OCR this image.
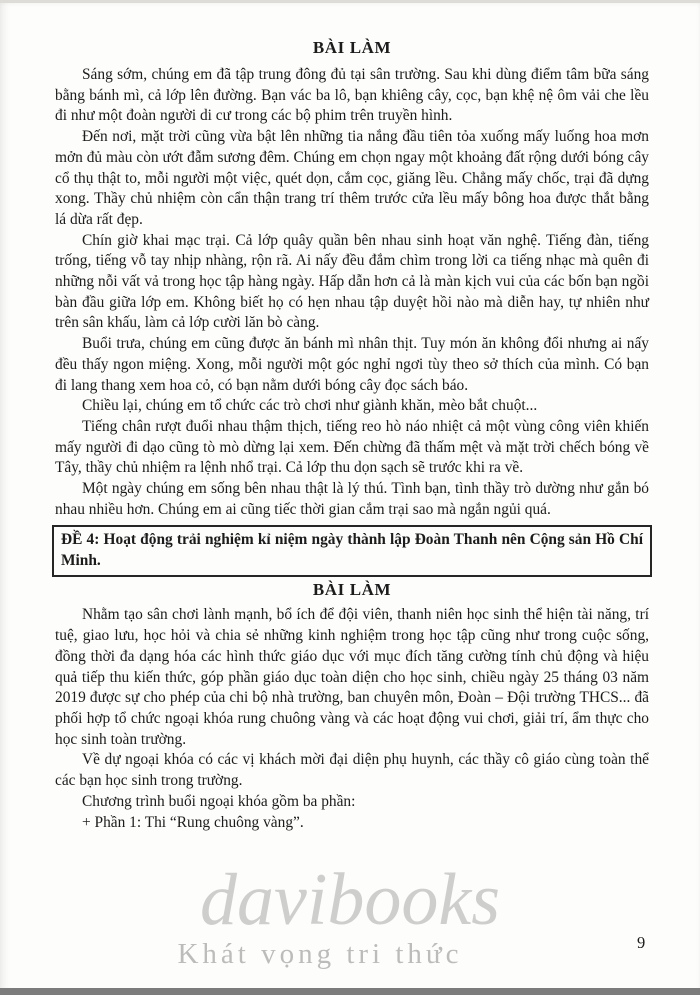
BÀI LÀM

Sáng sớm, chúng em đã tập trung đông đủ tại sân trường. Sau khi dùng điểm tâm bữa sáng bằng bánh mì, cả lớp lên đường. Bạn vác ba lô, bạn khiêng cây, cọc, bạn khệ nệ ôm vải che lều đi như một đoàn người di cư trong các bộ phim trên truyền hình.

Đến nơi, mặt trời cũng vừa bật lên những tia nắng đầu tiên tỏa xuống mấy luống hoa mơn mởn đủ màu còn ướt đẫm sương đêm. Chúng em chọn ngay một khoảng đất rộng dưới bóng cây cổ thụ thật to, mỗi người một việc, quét dọn, cắm cọc, giăng lều. Chẳng mấy chốc, trại đã dựng xong. Thầy chủ nhiệm còn cẩn thận trang trí thêm trước cửa lều mấy bông hoa được thắt bằng lá dừa rất đẹp.

Chín giờ khai mạc trại. Cả lớp quây quần bên nhau sinh hoạt văn nghệ. Tiếng đàn, tiếng trống, tiếng vỗ tay nhịp nhàng, rộn rã. Ai nấy đều đắm chìm trong lời ca tiếng nhạc mà quên đi những nỗi vất vả trong học tập hàng ngày. Hấp dẫn hơn cả là màn kịch vui của các bốn bạn ngồi bàn đầu giữa lớp em. Không biết họ có hẹn nhau tập duyệt hồi nào mà diễn hay, tự nhiên như trên sân khấu, làm cả lớp cười lăn bò càng.

Buổi trưa, chúng em cũng được ăn bánh mì nhân thịt. Tuy món ăn không đổi nhưng ai nấy đều thấy ngon miệng. Xong, mỗi người một góc nghỉ ngơi tùy theo sở thích của mình. Có bạn đi lang thang xem hoa cỏ, có bạn nằm dưới bóng cây đọc sách báo.

Chiều lại, chúng em tổ chức các trò chơi như giành khăn, mèo bắt chuột...

Tiếng chân rượt đuổi nhau thậm thịch, tiếng reo hò náo nhiệt cả một vùng công viên khiến mấy người đi dạo cũng tò mò dừng lại xem. Đến chừng đã thấm mệt và mặt trời chếch bóng về Tây, thầy chủ nhiệm ra lệnh nhổ trại. Cả lớp thu dọn sạch sẽ trước khi ra về.

Một ngày chúng em sống bên nhau thật là lý thú. Tình bạn, tình thầy trò dường như gắn bó nhau nhiều hơn. Chúng em ai cũng tiếc thời gian cắm trại sao mà ngắn ngủi quá.

ĐỀ 4: Hoạt động trải nghiệm kỉ niệm ngày thành lập Đoàn Thanh nên Cộng sản Hồ Chí Minh.

BÀI LÀM

Nhằm tạo sân chơi lành mạnh, bổ ích để đội viên, thanh niên học sinh thể hiện tài năng, trí tuệ, giao lưu, học hỏi và chia sẻ những kinh nghiệm trong học tập cũng như trong cuộc sống, đồng thời đa dạng hóa các hình thức giáo dục với mục đích tăng cường tính chủ động và hiệu quả tiếp thu kiến thức, góp phần giáo dục toàn diện cho học sinh, chiều ngày 25 tháng 03 năm 2019 được sự cho phép của chi bộ nhà trường, ban chuyên môn, Đoàn – Đội trường THCS... đã phối hợp tổ chức ngoại khóa rung chuông vàng và các hoạt động vui chơi, giải trí, ẩm thực cho học sinh toàn trường.

Về dự ngoại khóa có các vị khách mời đại diện phụ huynh, các thầy cô giáo cùng toàn thể các bạn học sinh trong trường.

Chương trình buổi ngoại khóa gồm ba phần:

+ Phần 1: Thi “Rung chuông vàng”.

davibooks
Khát vọng tri thức	9
